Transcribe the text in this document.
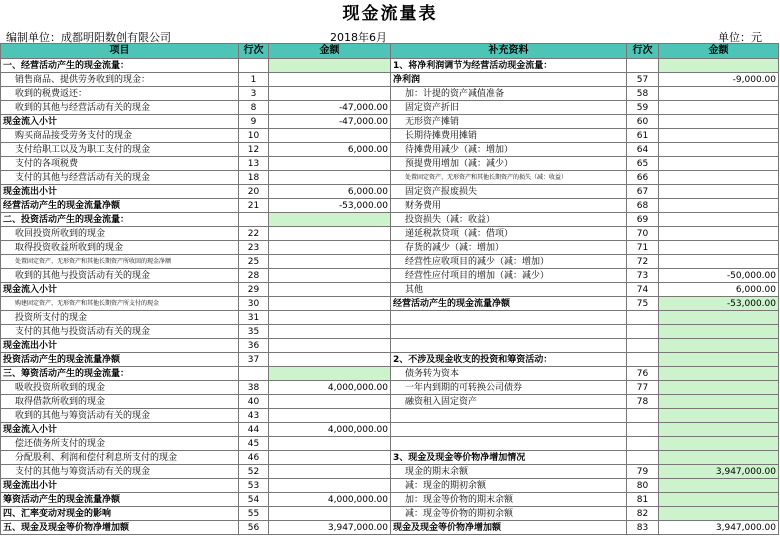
现金流量表
编制单位：成都明阳数创有限公司	2018年6月	单位：元
项目	行次	金额	补充资料	行次	金额
一、经营活动产生的现金流量：			1、将净利润调节为经营活动现金流量：		
销售商品、提供劳务收到的现金：	1		净利润	57	-9,000.00
收到的税费返还：	3		加：计提的资产减值准备	58	
收到的其他与经营活动有关的现金	8	-47,000.00	固定资产折旧	59	
现金流入小计	9	-47,000.00	无形资产摊销	60	
购买商品接受劳务支付的现金	10		长期待摊费用摊销	61	
支付给职工以及为职工支付的现金	12	6,000.00	待摊费用减少（减：增加）	64	
支付的各项税费	13		预提费用增加（减：减少）	65	
支付的其他与经营活动有关的现金	18		处置固定资产、无形资产和其他长期资产的损失（减：收益）	66	
现金流出小计	20	6,000.00	固定资产报废损失	67	
经营活动产生的现金流量净额	21	-53,000.00	财务费用	68	
二、投资活动产生的现金流量：			投资损失（减：收益）	69	
收回投资所收到的现金	22		递延税款贷项（减：借项）	70	
取得投资收益所收到的现金	23		存货的减少（减：增加）	71	
处置固定资产、无形资产和其他长期资产所收回的现金净额	25		经营性应收项目的减少（减：增加）	72	
收到的其他与投资活动有关的现金	28		经营性应付项目的增加（减：减少）	73	-50,000.00
现金流入小计	29		其他	74	6,000.00
购建固定资产、无形资产和其他长期资产所支付的现金	30		经营活动产生的现金流量净额	75	-53,000.00
投资所支付的现金	31				
支付的其他与投资活动有关的现金	35				
现金流出小计	36				
投资活动产生的现金流量净额	37		2、不涉及现金收支的投资和筹资活动：		
三、筹资活动产生的现金流量：			债务转为资本	76	
吸收投资所收到的现金	38	4,000,000.00	一年内到期的可转换公司债券	77	
取得借款所收到的现金	40		融资租入固定资产	78	
收到的其他与筹资活动有关的现金	43				
现金流入小计	44	4,000,000.00			
偿还债务所支付的现金	45				
分配股利、利润和偿付利息所支付的现金	46		3、现金及现金等价物净增加情况		
支付的其他与筹资活动有关的现金	52		现金的期末余额	79	3,947,000.00
现金流出小计	53		减：现金的期初余额	80	
筹资活动产生的现金流量净额	54	4,000,000.00	加：现金等价物的期末余额	81	
四、汇率变动对现金的影响	55		减：现金等价物的期初余额	82	
五、现金及现金等价物净增加额	56	3,947,000.00	现金及现金等价物净增加额	83	3,947,000.00
